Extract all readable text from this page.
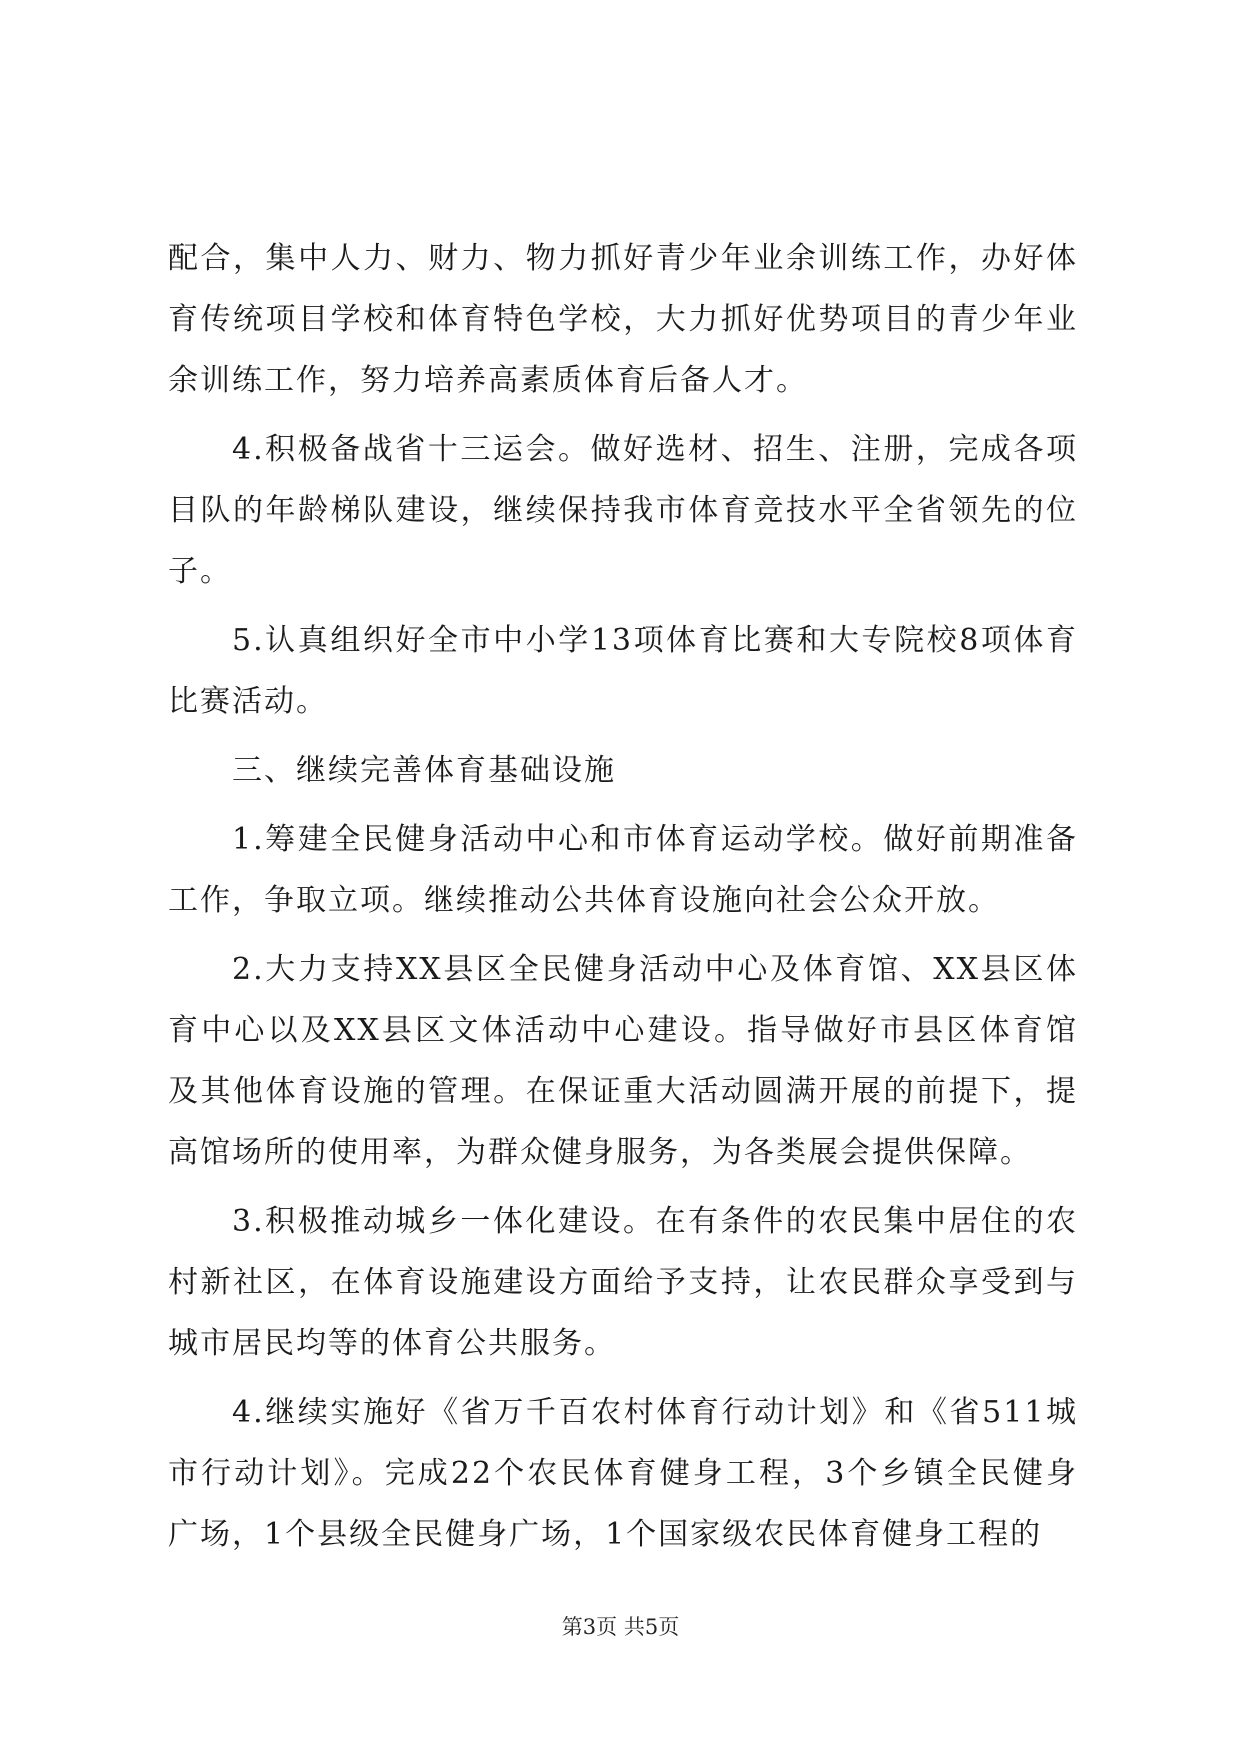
配合，集中人力、财力、物力抓好青少年业余训练工作，办好体育传统项目学校和体育特色学校，大力抓好优势项目的青少年业余训练工作，努力培养高素质体育后备人才。

4.积极备战省十三运会。做好选材、招生、注册，完成各项目队的年龄梯队建设，继续保持我市体育竞技水平全省领先的位子。

5.认真组织好全市中小学13项体育比赛和大专院校8项体育比赛活动。

三、继续完善体育基础设施

1.筹建全民健身活动中心和市体育运动学校。做好前期准备工作，争取立项。继续推动公共体育设施向社会公众开放。

2.大力支持XX县区全民健身活动中心及体育馆、XX县区体育中心以及XX县区文体活动中心建设。指导做好市县区体育馆及其他体育设施的管理。在保证重大活动圆满开展的前提下，提高馆场所的使用率，为群众健身服务，为各类展会提供保障。

3.积极推动城乡一体化建设。在有条件的农民集中居住的农村新社区，在体育设施建设方面给予支持，让农民群众享受到与城市居民均等的体育公共服务。

4.继续实施好《省万千百农村体育行动计划》和《省511城市行动计划》。完成22个农民体育健身工程，3个乡镇全民健身广场，1个县级全民健身广场，1个国家级农民体育健身工程的

第3页 共5页
